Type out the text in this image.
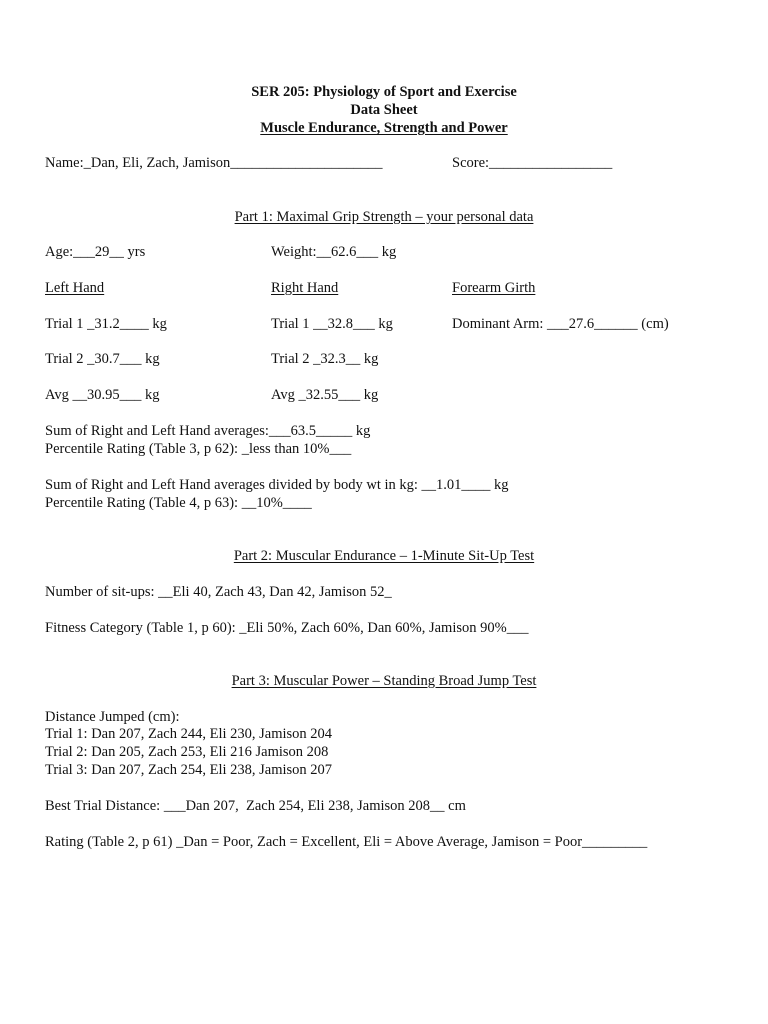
SER 205: Physiology of Sport and Exercise
Data Sheet
Muscle Endurance, Strength and Power
Name:_Dan, Eli, Zach, Jamison_____________________	Score:_________________
Part 1: Maximal Grip Strength – your personal data
Age:___29__ yrs	Weight:__62.6___ kg
Left Hand	Right Hand	Forearm Girth
Trial 1 _31.2____ kg	Trial 1 __32.8___ kg	Dominant Arm: ___27.6______ (cm)
Trial 2 _30.7___ kg	Trial 2 _32.3__ kg
Avg __30.95___ kg	Avg _32.55___ kg
Sum of Right and Left Hand averages:___63.5_____ kg
Percentile Rating (Table 3, p 62): _less than 10%___
Sum of Right and Left Hand averages divided by body wt in kg: __1.01____ kg
Percentile Rating (Table 4, p 63): __10%____
Part 2: Muscular Endurance – 1-Minute Sit-Up Test
Number of sit-ups: __Eli 40, Zach 43, Dan 42, Jamison 52_
Fitness Category (Table 1, p 60): _Eli 50%, Zach 60%, Dan 60%, Jamison 90%___
Part 3: Muscular Power – Standing Broad Jump Test
Distance Jumped (cm):
Trial 1: Dan 207, Zach 244, Eli 230, Jamison 204
Trial 2: Dan 205, Zach 253, Eli 216 Jamison 208
Trial 3: Dan 207, Zach 254, Eli 238, Jamison 207
Best Trial Distance: ___Dan 207,  Zach 254, Eli 238, Jamison 208__ cm
Rating (Table 2, p 61) _Dan = Poor, Zach = Excellent, Eli = Above Average, Jamison = Poor_________
